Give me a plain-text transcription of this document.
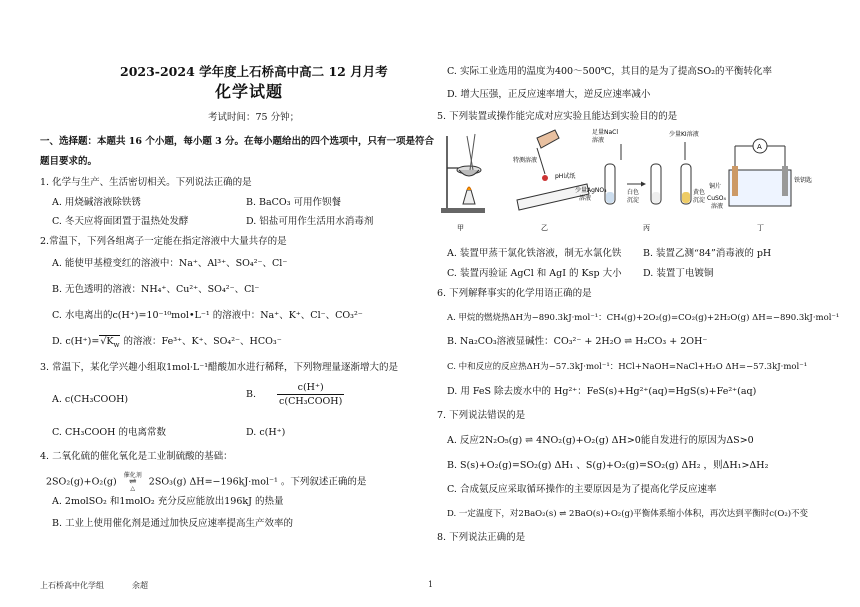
2023-2024 学年度上石桥高中高二 12 月月考
化学试题
考试时间：75 分钟；
一、选择题：本题共 16 个小题，每小题 3 分。在每小题给出的四个选项中，只有一项是符合
题目要求的。
1. 化学与生产、生活密切相关。下列说法正确的是
A. 用烧碱溶液除铁锈	B. BaCO₃ 可用作钡餐
C. 冬天应将面团置于温热处发酵	D. 铝盐可用作生活用水消毒剂
2.常温下，下列各组离子一定能在指定溶液中大量共存的是
A. 能使甲基橙变红的溶液中：Na⁺、Al³⁺、SO₄²⁻、Cl⁻
B. 无色透明的溶液：NH₄⁺、Cu²⁺、SO₄²⁻、Cl⁻
C. 水电离出的c(H⁺)=10⁻¹⁰mol•L⁻¹ 的溶液中：Na⁺、K⁺、Cl⁻、CO₃²⁻
D. $c(H^+)=√K_w$ 的溶液：Fe³⁺、K⁺、SO₄²⁻、HCO₃⁻
3. 常温下，某化学兴趣小组取1mol·L⁻¹醋酸加水进行稀释，下列物理量逐渐增大的是
A. c(CH₃COOH)	B. $\frac{c(H^+)}{\text{c(CH₃COOH)}}$
C. CH₃COOH 的电离常数	D. c(H⁺)
4. 二氧化硫的催化氧化是工业制硫酸的基础：
2SO₂(g)+O₂(g)
催化剂
⇌
△
2SO₃(g) ΔH=−196kJ·mol⁻¹ 。下列叙述正确的是
A. 2molSO₂ 和1molO₂ 充分反应能放出196kJ 的热量
B. 工业上使用催化剂是通过加快反应速率提高生产效率的
C. 实际工业选用的温度为400～500℃，其目的是为了提高SO₂的平衡转化率
D. 增大压强，正反应速率增大，逆反应速率减小
5. 下列装置或操作能完成对应实验且能达到实验目的的是
特测溶液
pH试纸
足量NaCl
溶液
少量KI溶液
少量AgNO₃
溶液
白色
沉淀
黄色
沉淀
A
铜片
CuSO₄
溶液
铁钥匙
甲	乙	丙	丁
A. 装置甲蒸干氯化铁溶液，制无水氯化铁 B. 装置乙测“84”消毒液的 pH
C. 装置丙验证 AgCl 和 AgI 的 Ksp 大小 D. 装置丁电镀铜
6. 下列解释事实的化学用语正确的是
A. 甲烷的燃烧热ΔH为−890.3kJ·mol⁻¹：CH₄(g)+2O₂(g)=CO₂(g)+2H₂O(g) ΔH=−890.3kJ·mol⁻¹
B. Na₂CO₃溶液显碱性：CO₃²⁻ + 2H₂O ⇌ H₂CO₃ + 2OH⁻
C. 中和反应的反应热ΔH为−57.3kJ·mol⁻¹：HCl+NaOH=NaCl+H₂O ΔH=−57.3kJ·mol⁻¹
D. 用 FeS 除去废水中的 Hg²⁺：FeS(s)+Hg²⁺(aq)=HgS(s)+Fe²⁺(aq)
7. 下列说法错误的是
A. 反应2N₂O₅(g) ⇌ 4NO₂(g)+O₂(g) ΔH>0能自发进行的原因为ΔS>0
B. S(s)+O₂(g)=SO₂(g) ΔH₁ 、S(g)+O₂(g)=SO₂(g) ΔH₂ ，则ΔH₁>ΔH₂
C. 合成氨反应采取循环操作的主要原因是为了提高化学反应速率
D. 一定温度下，对2BaO₂(s) ⇌ 2BaO(s)+O₂(g)平衡体系缩小体积，再次达到平衡时c(O₂)不变
8. 下列说法正确的是
上石桥高中化学组	余超	1
